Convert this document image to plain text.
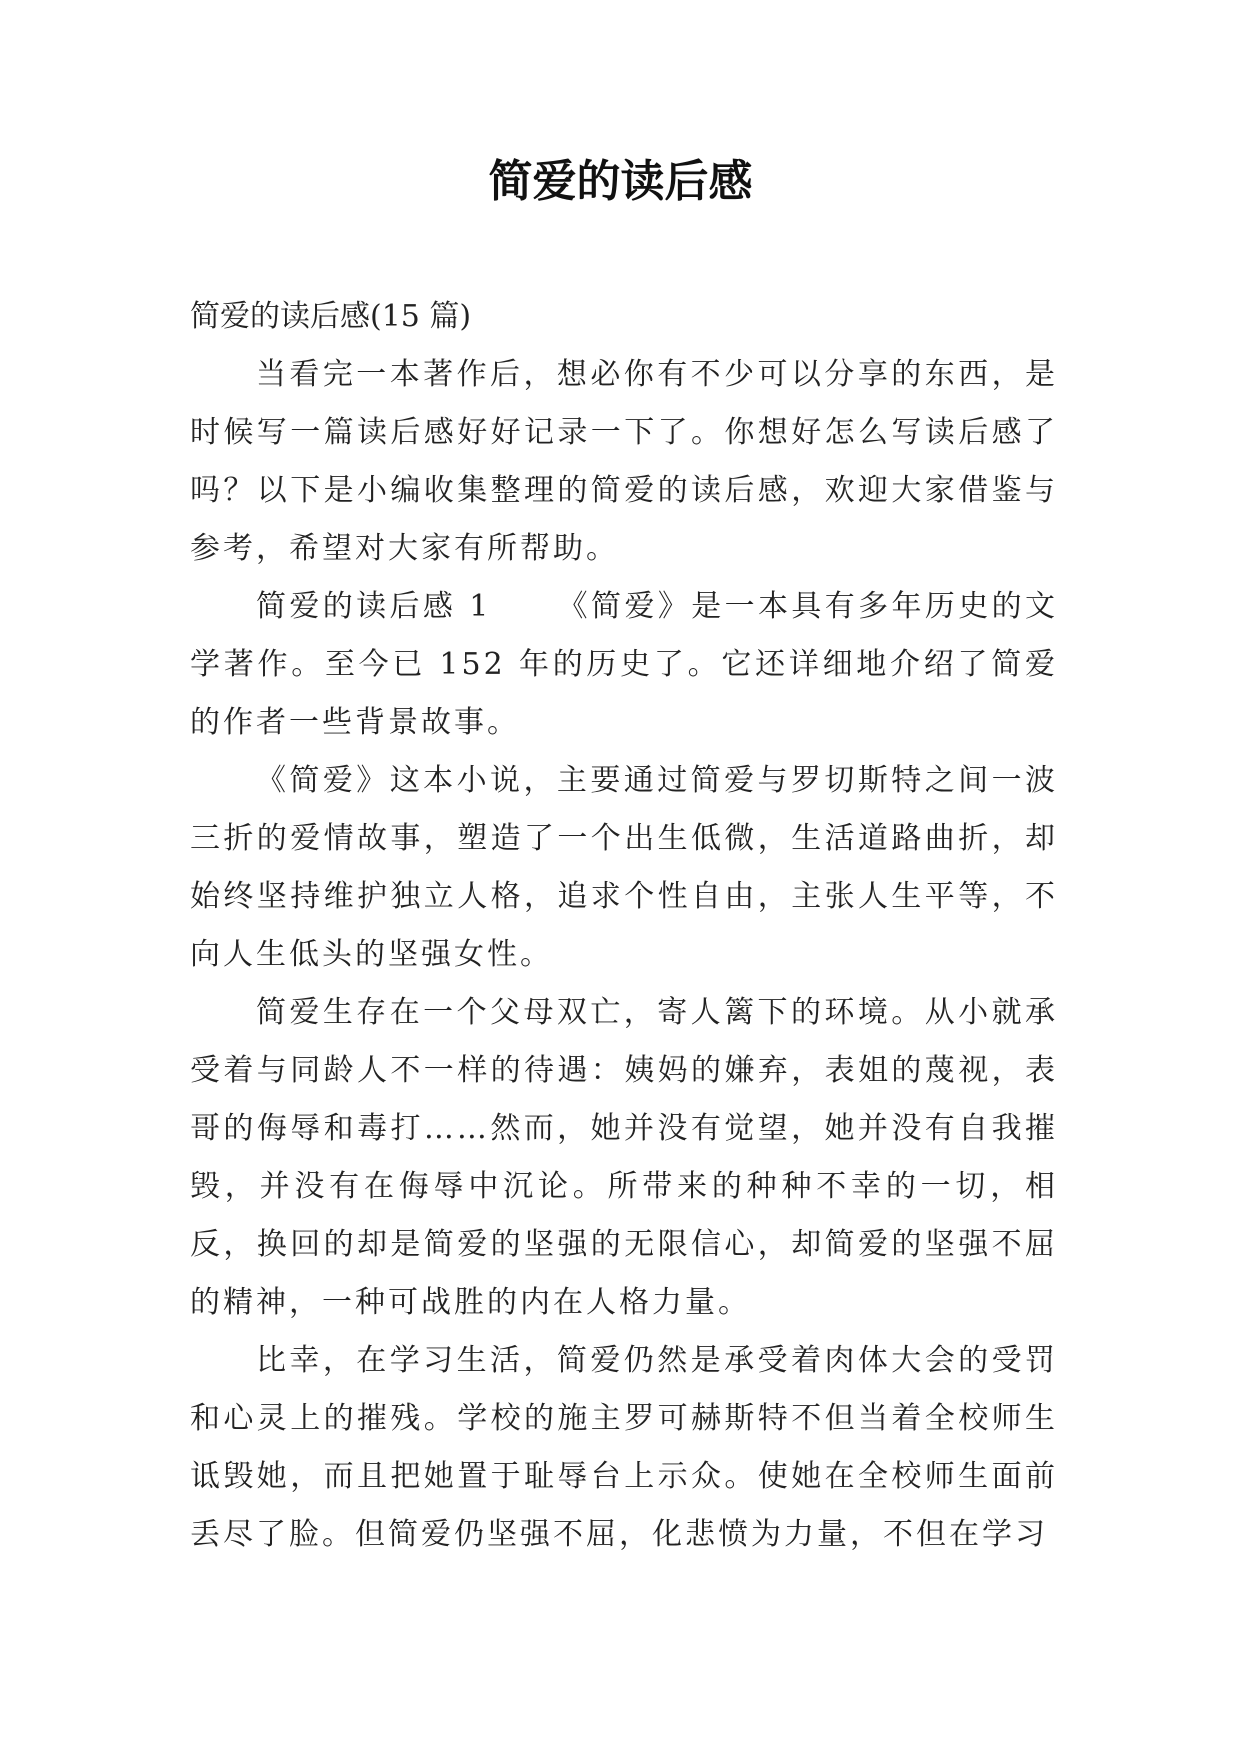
简爱的读后感

简爱的读后感(15 篇)

当看完一本著作后，想必你有不少可以分享的东西，是时候写一篇读后感好好记录一下了。你想好怎么写读后感了吗？以下是小编收集整理的简爱的读后感，欢迎大家借鉴与参考，希望对大家有所帮助。

简爱的读后感 1 《简爱》是一本具有多年历史的文学著作。至今已 152 年的历史了。它还详细地介绍了简爱的作者一些背景故事。

《简爱》这本小说，主要通过简爱与罗切斯特之间一波三折的爱情故事，塑造了一个出生低微，生活道路曲折，却始终坚持维护独立人格，追求个性自由，主张人生平等，不向人生低头的坚强女性。

简爱生存在一个父母双亡，寄人篱下的环境。从小就承受着与同龄人不一样的待遇：姨妈的嫌弃，表姐的蔑视，表哥的侮辱和毒打……然而，她并没有觉望，她并没有自我摧毁，并没有在侮辱中沉论。所带来的种种不幸的一切，相反，换回的却是简爱的坚强的无限信心，却简爱的坚强不屈的精神，一种可战胜的内在人格力量。

比幸，在学习生活，简爱仍然是承受着肉体大会的受罚和心灵上的摧残。学校的施主罗可赫斯特不但当着全校师生诋毁她，而且把她置于耻辱台上示众。使她在全校师生面前丢尽了脸。但简爱仍坚强不屈，化悲愤为力量，不但在学习
